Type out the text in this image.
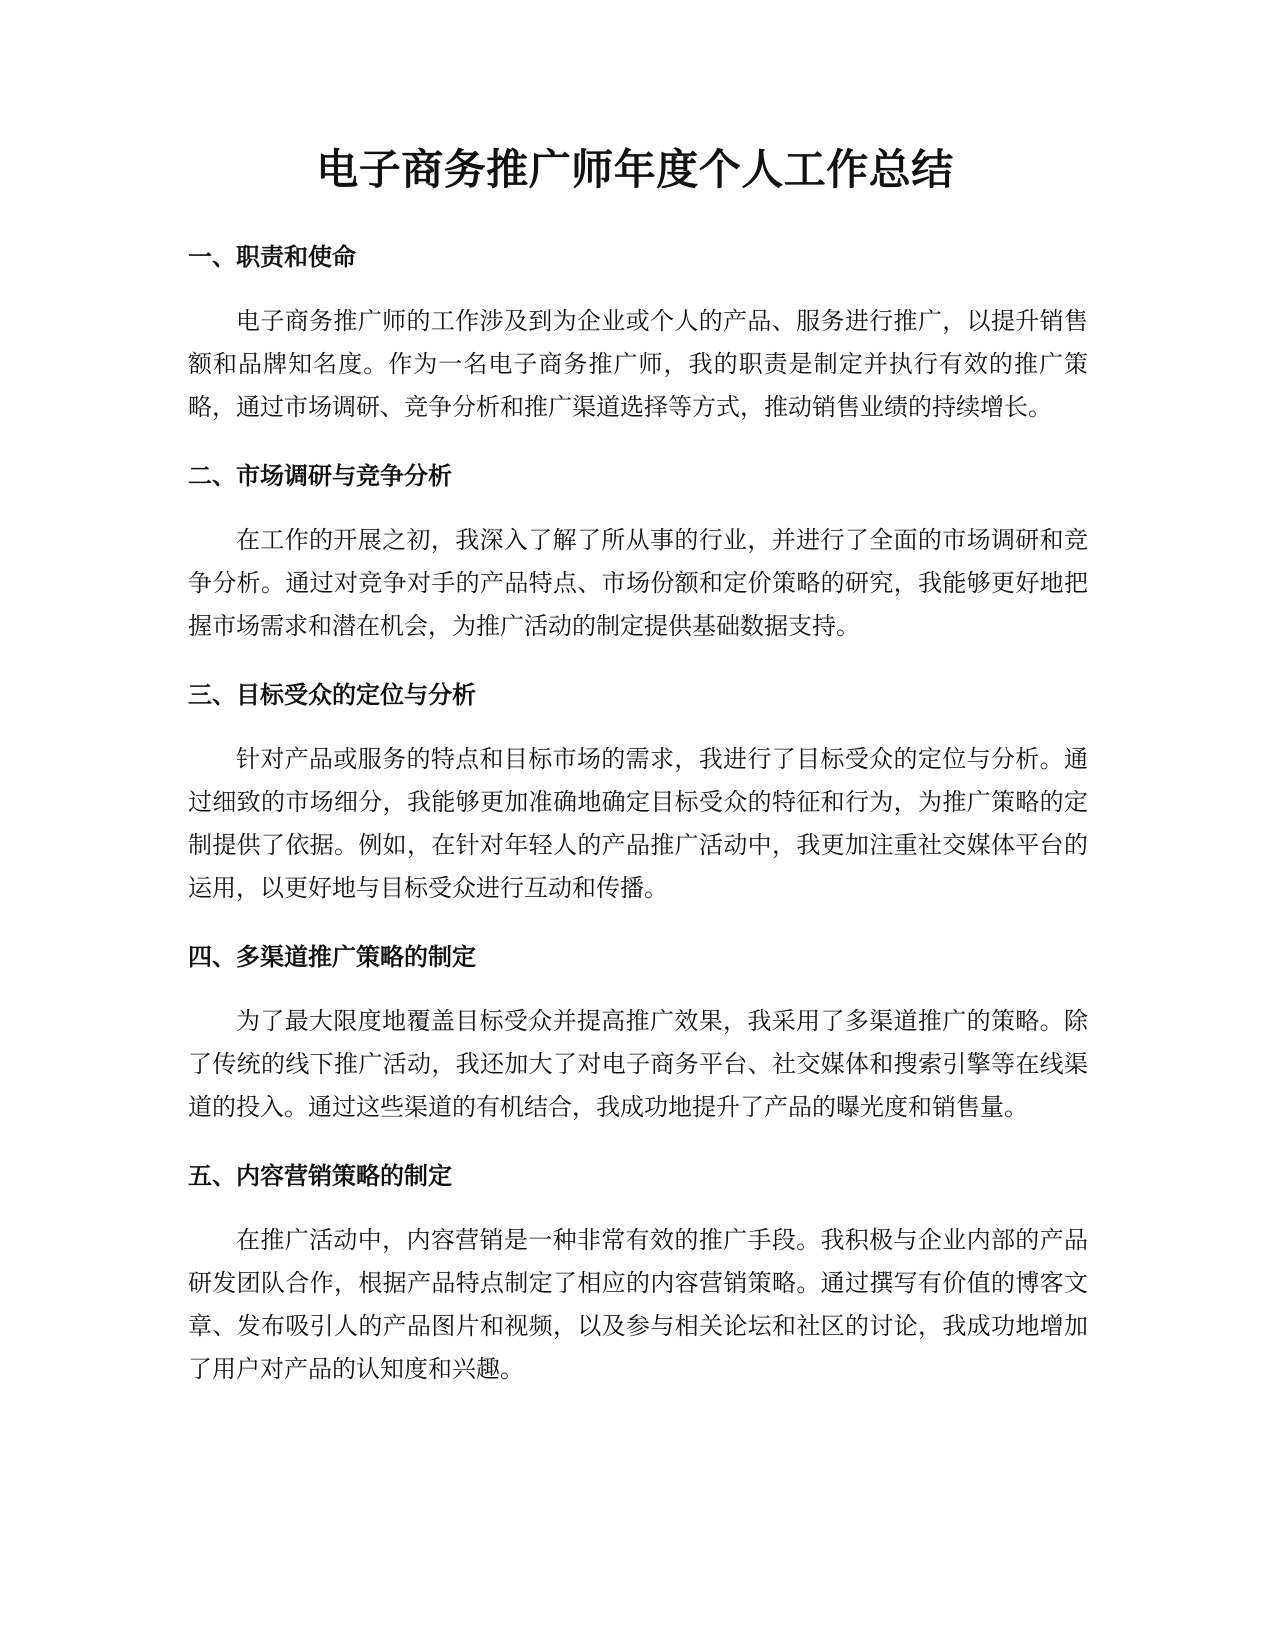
电子商务推广师年度个人工作总结
一、职责和使命

电子商务推广师的工作涉及到为企业或个人的产品、服务进行推广，以提升销售额和品牌知名度。作为一名电子商务推广师，我的职责是制定并执行有效的推广策略，通过市场调研、竞争分析和推广渠道选择等方式，推动销售业绩的持续增长。

二、市场调研与竞争分析

在工作的开展之初，我深入了解了所从事的行业，并进行了全面的市场调研和竞争分析。通过对竞争对手的产品特点、市场份额和定价策略的研究，我能够更好地把握市场需求和潜在机会，为推广活动的制定提供基础数据支持。

三、目标受众的定位与分析

针对产品或服务的特点和目标市场的需求，我进行了目标受众的定位与分析。通过细致的市场细分，我能够更加准确地确定目标受众的特征和行为，为推广策略的定制提供了依据。例如，在针对年轻人的产品推广活动中，我更加注重社交媒体平台的运用，以更好地与目标受众进行互动和传播。

四、多渠道推广策略的制定

为了最大限度地覆盖目标受众并提高推广效果，我采用了多渠道推广的策略。除了传统的线下推广活动，我还加大了对电子商务平台、社交媒体和搜索引擎等在线渠道的投入。通过这些渠道的有机结合，我成功地提升了产品的曝光度和销售量。

五、内容营销策略的制定

在推广活动中，内容营销是一种非常有效的推广手段。我积极与企业内部的产品研发团队合作，根据产品特点制定了相应的内容营销策略。通过撰写有价值的博客文章、发布吸引人的产品图片和视频，以及参与相关论坛和社区的讨论，我成功地增加了用户对产品的认知度和兴趣。
